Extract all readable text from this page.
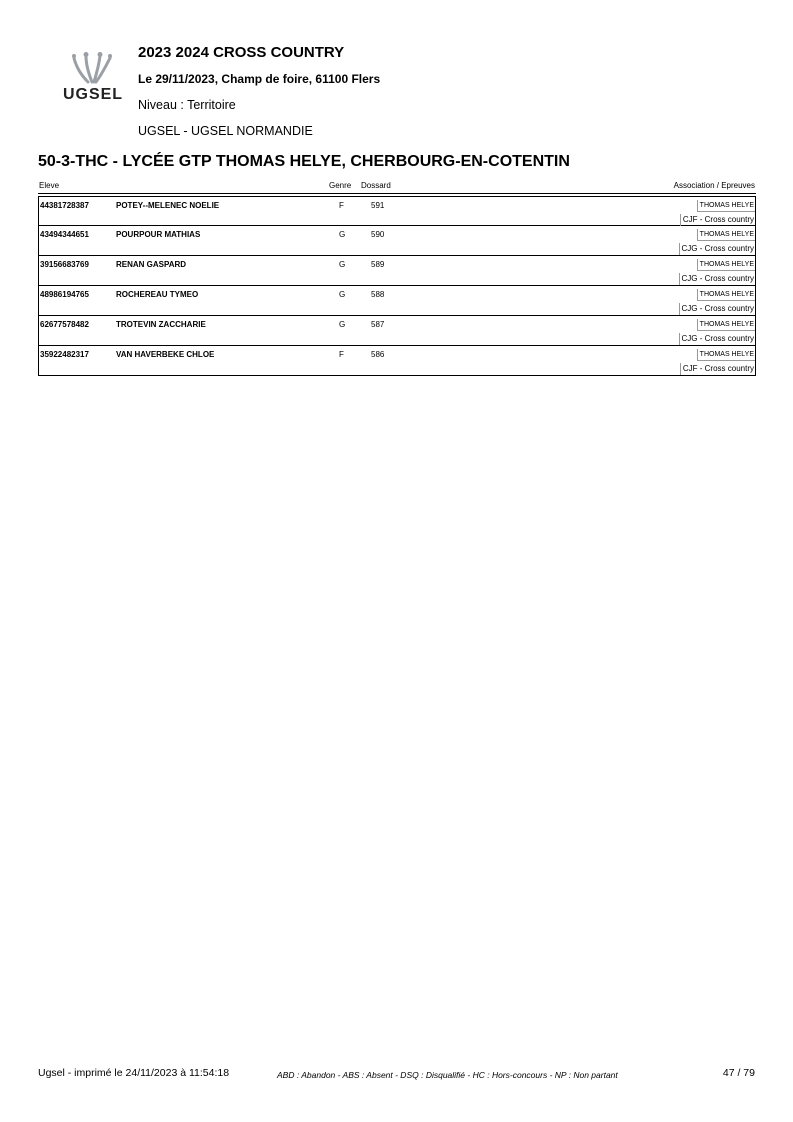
UGSEL
2023 2024 CROSS COUNTRY
Le 29/11/2023, Champ de foire, 61100 Flers
Niveau : Territoire
UGSEL - UGSEL NORMANDIE
50-3-THC - LYCÉE GTP THOMAS HELYE, CHERBOURG-EN-COTENTIN
Eleve	Genre Dossard	Association / Epreuves
44381728387	POTEY--MELENEC NOELIE	F	591	THOMAS HELYE
CJF - Cross country
43494344651	POURPOUR MATHIAS	G	590	THOMAS HELYE
CJG - Cross country
39156683769	RENAN GASPARD	G	589	THOMAS HELYE
CJG - Cross country
48986194765	ROCHEREAU TYMEO	G	588	THOMAS HELYE
CJG - Cross country
62677578482	TROTEVIN ZACCHARIE	G	587	THOMAS HELYE
CJG - Cross country
35922482317	VAN HAVERBEKE CHLOE	F	586	THOMAS HELYE
CJF - Cross country
Ugsel - imprimé le 24/11/2023 à 11:54:18	ABD : Abandon - ABS : Absent - DSQ : Disqualifié - HC : Hors-concours - NP : Non partant	47 / 79
